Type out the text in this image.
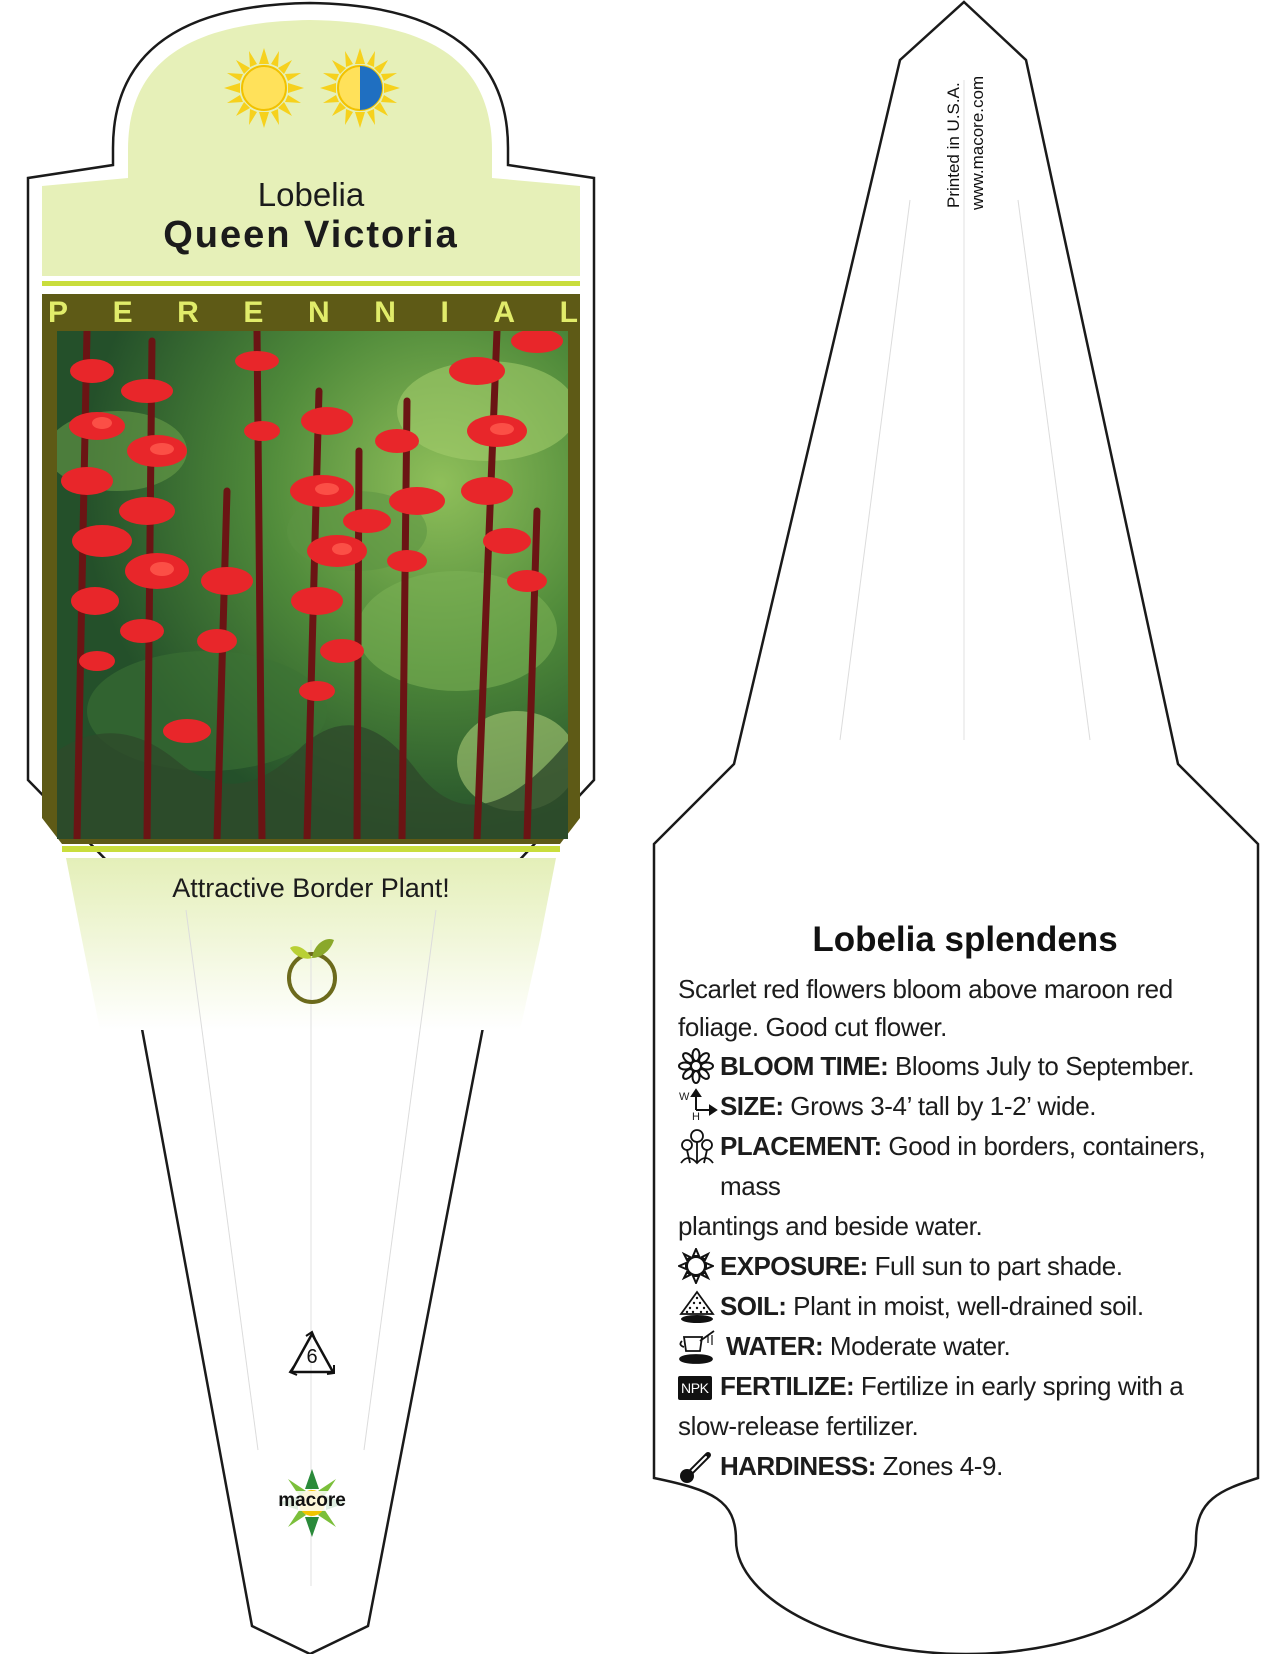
Lobelia
Queen Victoria
P E R E N N I A L
Attractive Border Plant!
6
macore
Printed in U.S.A. www.macore.com
Lobelia splendens
Scarlet red flowers bloom above maroon red foliage. Good cut flower.
BLOOM TIME: Blooms July to September.
W
H SIZE: Grows 3-4’ tall by 1-2’ wide.
PLACEMENT: Good in borders, containers, mass
plantings and beside water.
EXPOSURE: Full sun to part shade.
SOIL: Plant in moist, well-drained soil.
WATER: Moderate water.
NPK FERTILIZE: Fertilize in early spring with a
slow-release fertilizer.
HARDINESS: Zones 4-9.
